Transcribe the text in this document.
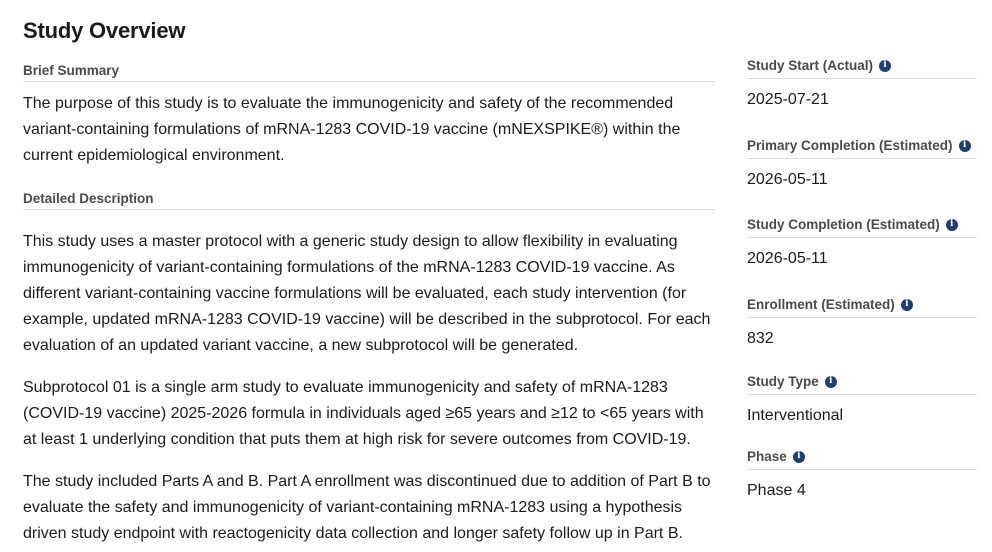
Study Overview
Brief Summary

The purpose of this study is to evaluate the immunogenicity and safety of the recommended variant-containing formulations of mRNA-1283 COVID-19 vaccine (mNEXSPIKE®) within the current epidemiological environment.

Detailed Description

This study uses a master protocol with a generic study design to allow flexibility in evaluating immunogenicity of variant-containing formulations of the mRNA-1283 COVID-19 vaccine. As different variant-containing vaccine formulations will be evaluated, each study intervention (for example, updated mRNA-1283 COVID-19 vaccine) will be described in the subprotocol. For each evaluation of an updated variant vaccine, a new subprotocol will be generated.

Subprotocol 01 is a single arm study to evaluate immunogenicity and safety of mRNA-1283 (COVID-19 vaccine) 2025-2026 formula in individuals aged ≥65 years and ≥12 to <65 years with at least 1 underlying condition that puts them at high risk for severe outcomes from COVID-19.

The study included Parts A and B. Part A enrollment was discontinued due to addition of Part B to evaluate the safety and immunogenicity of variant-containing mRNA-1283 using a hypothesis driven study endpoint with reactogenicity data collection and longer safety follow up in Part B.

Study Start (Actual)	i
2025-07-21
Primary Completion (Estimated)	i
2026-05-11
Study Completion (Estimated)	i
2026-05-11
Enrollment (Estimated)	i
832
Study Type	i
Interventional
Phase	i
Phase 4
